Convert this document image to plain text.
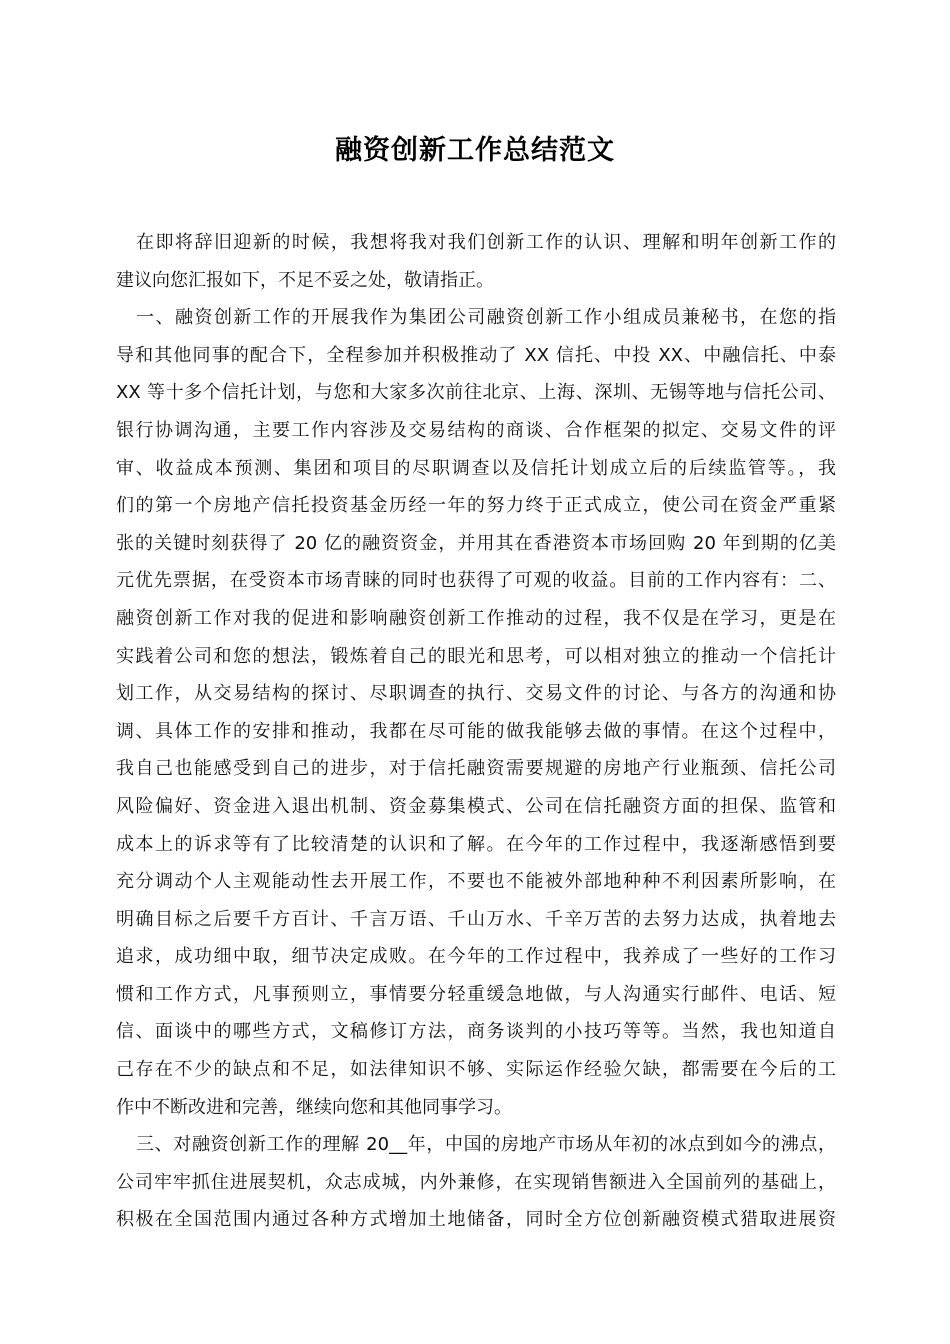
融资创新工作总结范文
在即将辞旧迎新的时候，我想将我对我们创新工作的认识、理解和明年创新工作的
建议向您汇报如下，不足不妥之处，敬请指正。
一、融资创新工作的开展我作为集团公司融资创新工作小组成员兼秘书，在您的指
导和其他同事的配合下，全程参加并积极推动了 XX 信托、中投 XX、中融信托、中泰
XX 等十多个信托计划，与您和大家多次前往北京、上海、深圳、无锡等地与信托公司、
银行协调沟通，主要工作内容涉及交易结构的商谈、合作框架的拟定、交易文件的评
审、收益成本预测、集团和项目的尽职调查以及信托计划成立后的后续监管等。，我
们的第一个房地产信托投资基金历经一年的努力终于正式成立，使公司在资金严重紧
张的关键时刻获得了 20 亿的融资资金，并用其在香港资本市场回购 20 年到期的亿美
元优先票据，在受资本市场青睐的同时也获得了可观的收益。目前的工作内容有：二、
融资创新工作对我的促进和影响融资创新工作推动的过程，我不仅是在学习，更是在
实践着公司和您的想法，锻炼着自己的眼光和思考，可以相对独立的推动一个信托计
划工作，从交易结构的探讨、尽职调查的执行、交易文件的讨论、与各方的沟通和协
调、具体工作的安排和推动，我都在尽可能的做我能够去做的事情。在这个过程中，
我自己也能感受到自己的进步，对于信托融资需要规避的房地产行业瓶颈、信托公司
风险偏好、资金进入退出机制、资金募集模式、公司在信托融资方面的担保、监管和
成本上的诉求等有了比较清楚的认识和了解。在今年的工作过程中，我逐渐感悟到要
充分调动个人主观能动性去开展工作，不要也不能被外部地种种不利因素所影响，在
明确目标之后要千方百计、千言万语、千山万水、千辛万苦的去努力达成，执着地去
追求，成功细中取，细节决定成败。在今年的工作过程中，我养成了一些好的工作习
惯和工作方式，凡事预则立，事情要分轻重缓急地做，与人沟通实行邮件、电话、短
信、面谈中的哪些方式，文稿修订方法，商务谈判的小技巧等等。当然，我也知道自
己存在不少的缺点和不足，如法律知识不够、实际运作经验欠缺，都需要在今后的工
作中不断改进和完善，继续向您和其他同事学习。
三、对融资创新工作的理解 20__年，中国的房地产市场从年初的冰点到如今的沸点，
公司牢牢抓住进展契机，众志成城，内外兼修，在实现销售额进入全国前列的基础上，
积极在全国范围内通过各种方式增加土地储备，同时全方位创新融资模式猎取进展资
